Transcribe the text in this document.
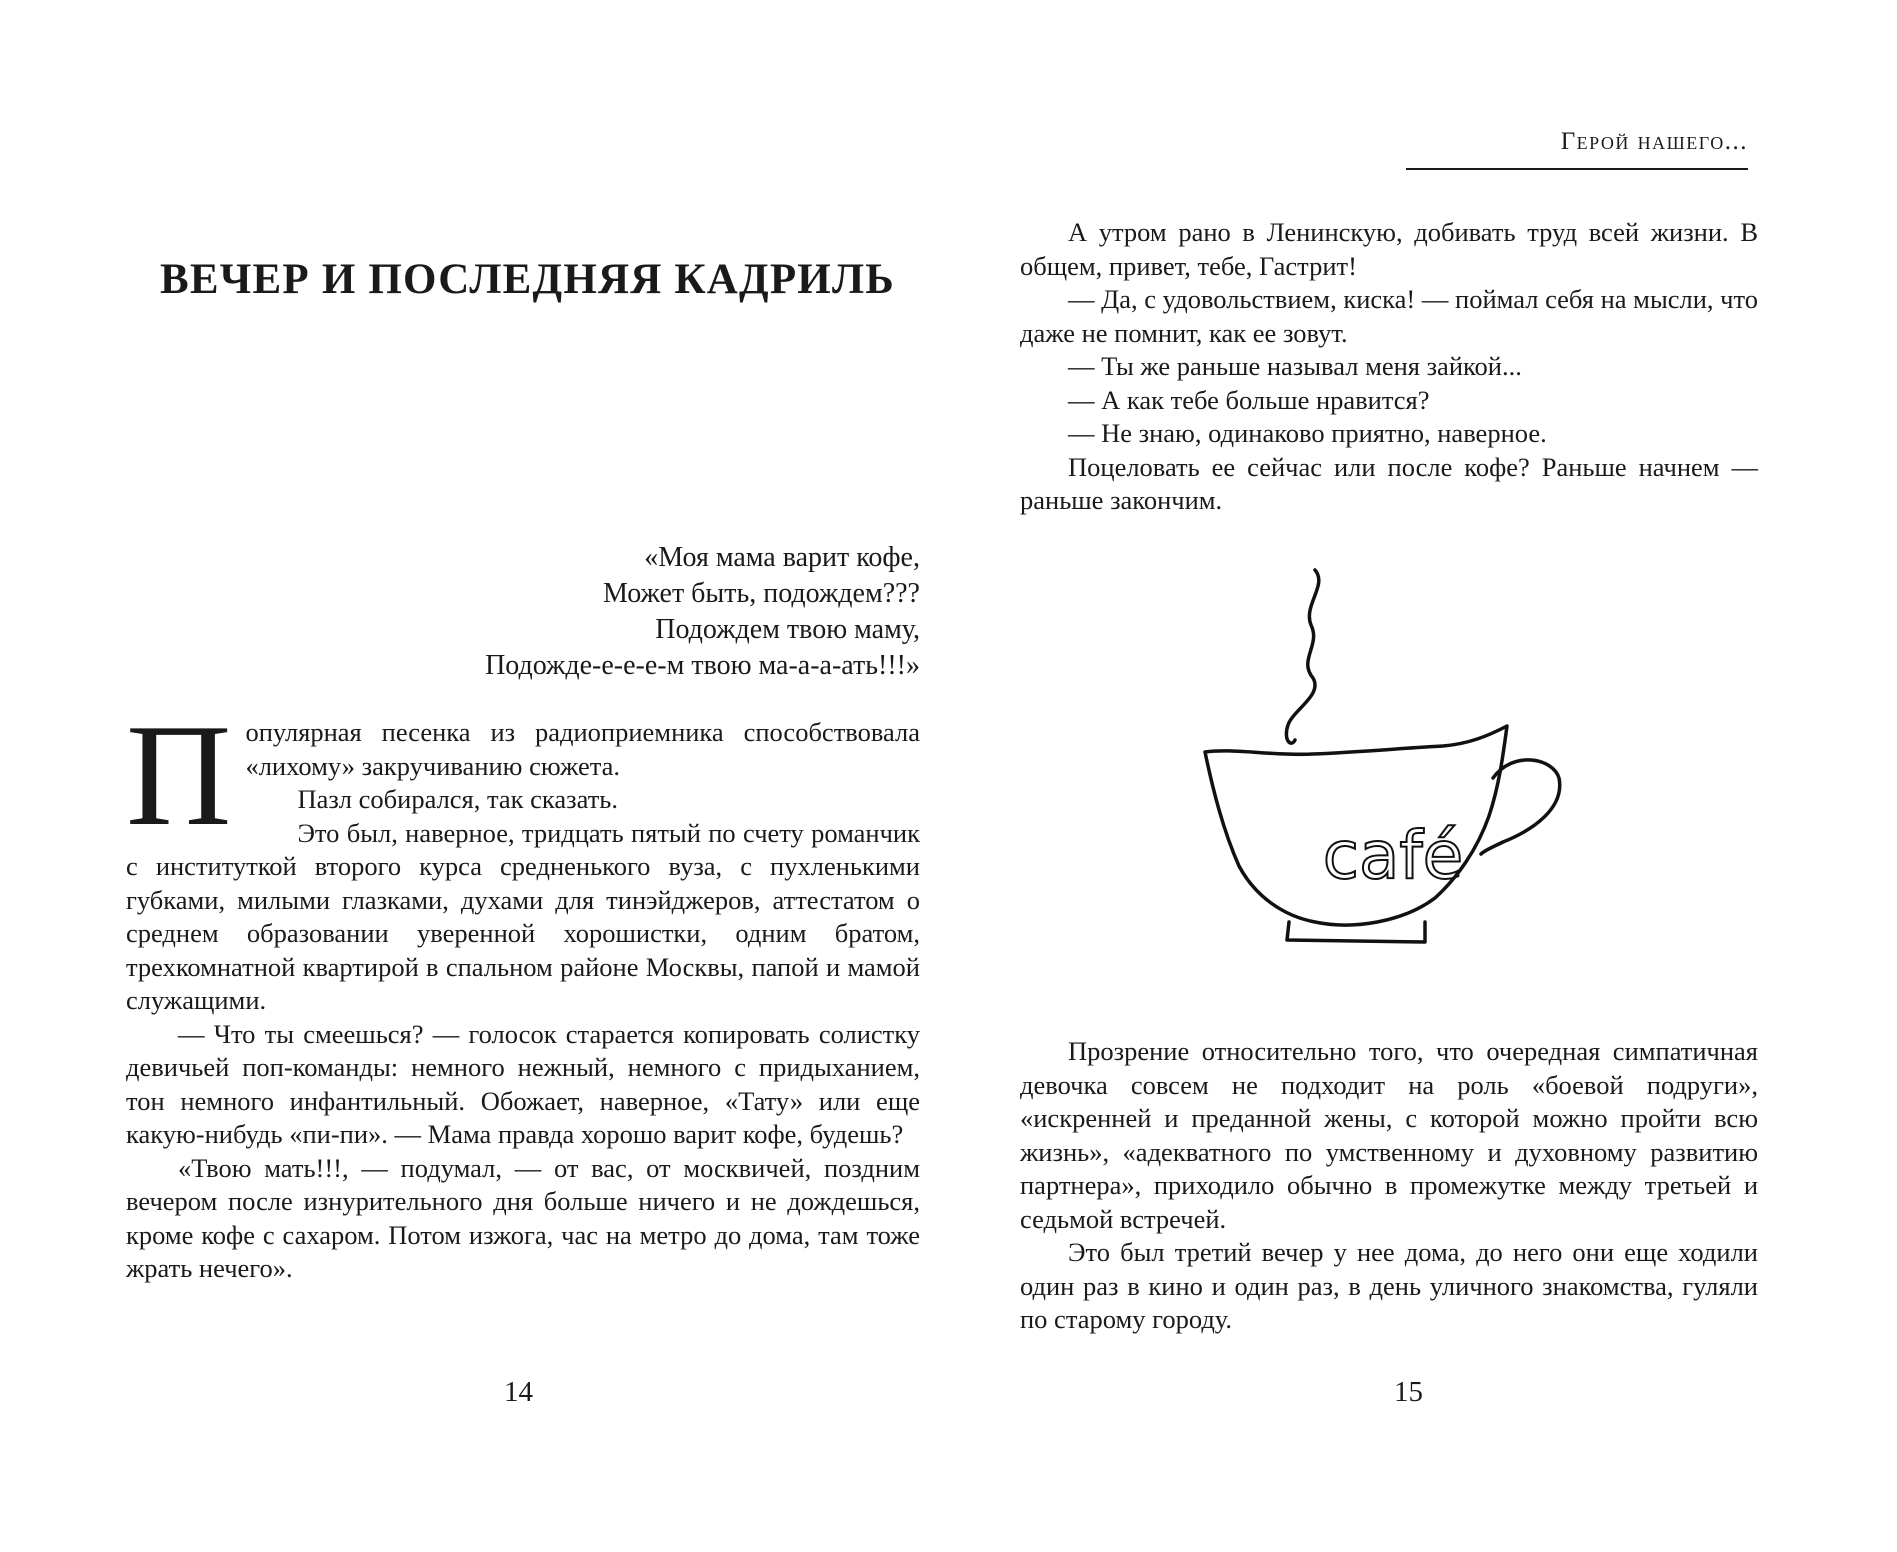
ВЕЧЕР И ПОСЛЕДНЯЯ КАДРИЛЬ
«Моя мама варит кофе,
Может быть, подождем???
Подождем твою маму,
Подожде-е-е-е-м твою ма-а-а-ать!!!»

Популярная песенка из радиоприемника способствовала «лихому» закручиванию сюжета.

Пазл собирался, так сказать.

Это был, наверное, тридцать пятый по счету романчик с институткой второго курса средненького вуза, с пухленькими губками, милыми глазками, духами для тинэйджеров, аттестатом о среднем образовании уверенной хорошистки, одним братом, трехкомнатной квартирой в спальном районе Москвы, папой и мамой служащими.

— Что ты смеешься? — голосок старается копировать солистку девичьей поп-команды: немного нежный, немного с придыханием, тон немного инфантильный. Обожает, наверное, «Тату» или еще какую-нибудь «пи-пи». — Мама правда хорошо варит кофе, будешь?

«Твою мать!!!, — подумал, — от вас, от москвичей, поздним вечером после изнурительного дня больше ничего и не дождешься, кроме кофе с сахаром. Потом изжога, час на метро до дома, там тоже жрать нечего».

14
Герой нашего...

А утром рано в Ленинскую, добивать труд всей жизни. В общем, привет, тебе, Гастрит!

— Да, с удовольствием, киска! — поймал себя на мысли, что даже не помнит, как ее зовут.

— Ты же раньше называл меня зайкой...

— А как тебе больше нравится?

— Не знаю, одинаково приятно, наверное.

Поцеловать ее сейчас или после кофе? Раньше начнем — раньше закончим.

café

Прозрение относительно того, что очередная симпатичная девочка совсем не подходит на роль «боевой подруги», «искренней и преданной жены, с которой можно пройти всю жизнь», «адекватного по умственному и духовному развитию партнера», приходило обычно в промежутке между третьей и седьмой встречей.

Это был третий вечер у нее дома, до него они еще ходили один раз в кино и один раз, в день уличного знакомства, гуляли по старому городу.

15
